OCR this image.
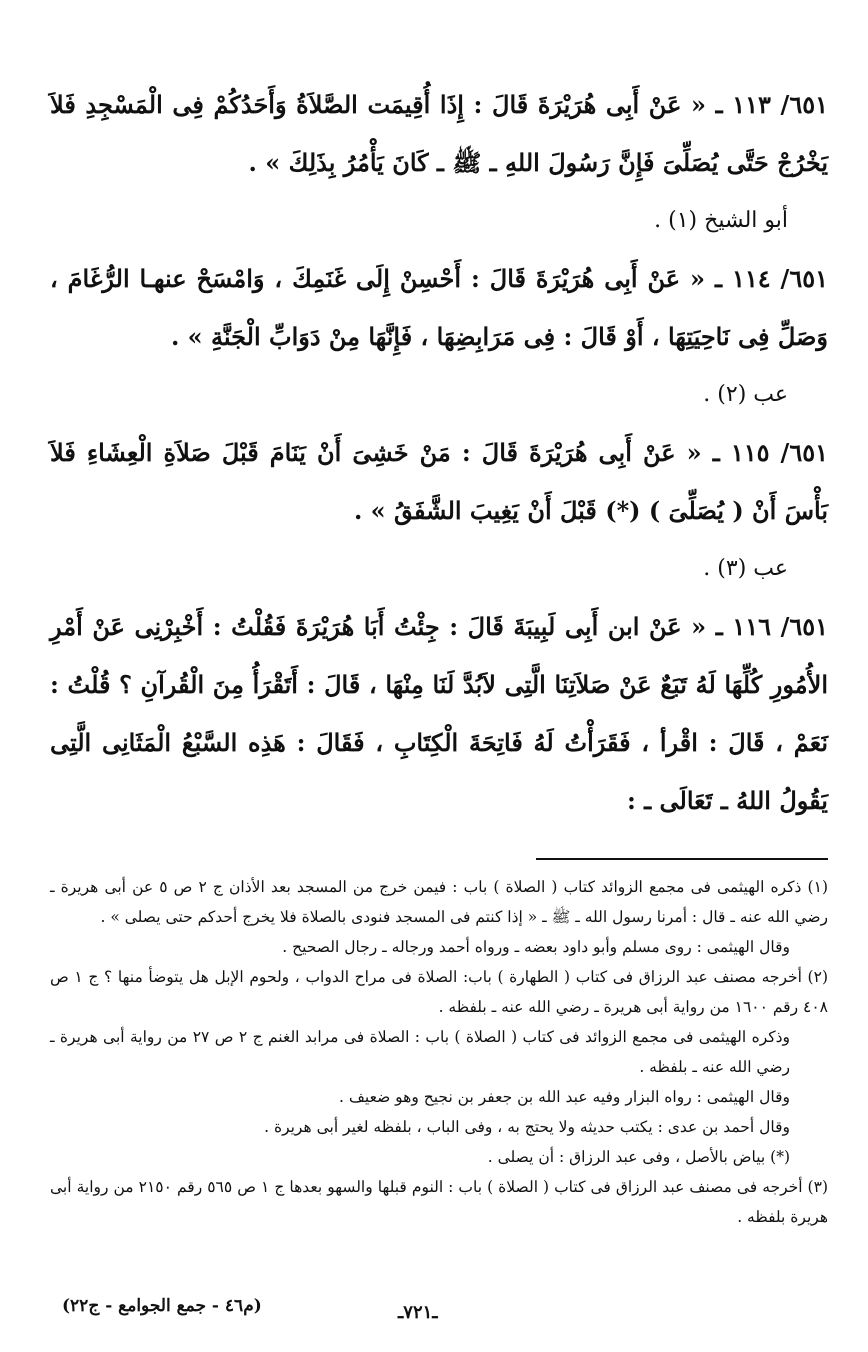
٦٥١/ ١١٣ ـ « عَنْ أَبِى هُرَيْرَةَ قَالَ : إِذَا أُقِيمَت الصَّلاَةُ وَأَحَدُكُمْ فِى الْمَسْجِدِ فَلاَ يَخْرُجْ حَتَّى يُصَلِّىَ فَإِنَّ رَسُولَ اللهِ ـ ﷺ ـ كَانَ يَأْمُرُ بِذَلِكَ » .

أبو الشيخ (١) .

٦٥١/ ١١٤ ـ « عَنْ أَبِى هُرَيْرَةَ قَالَ : أَحْسِنْ إِلَى غَنَمِكَ ، وَامْسَحْ عنهـا الرُّغَامَ ، وَصَلِّ فِى نَاحِيَتِهَا ، أَوْ قَالَ : فِى مَرَابِضِهَا ، فَإِنَّهَا مِنْ دَوَابِّ الْجَنَّةِ » .

عب (٢) .

٦٥١/ ١١٥ ـ « عَنْ أَبِى هُرَيْرَةَ قَالَ : مَنْ خَشِىَ أَنْ يَنَامَ قَبْلَ صَلاَةِ الْعِشَاءِ فَلاَ بَأْسَ أَنْ ( يُصَلِّىَ ) (*) قَبْلَ أَنْ يَغِيبَ الشَّفَقُ » .

عب (٣) .

٦٥١/ ١١٦ ـ « عَنْ ابن أَبِى لَبِيبَةَ قَالَ : جِئْتُ أَبَا هُرَيْرَةَ فَقُلْتُ : أَخْبِرْنِى عَنْ أَمْرِ الأُمُورِ كُلِّهَا لَهُ تَبَعٌ عَنْ صَلاَتِنَا الَّتِى لاَبُدَّ لَنَا مِنْهَا ، قَالَ : أَتَقْرَأُ مِنَ الْقُرآنِ ؟ قُلْتُ : نَعَمْ ، قَالَ : اقْرأ ، فَقَرَأْتُ لَهُ فَاتِحَةَ الْكِتَابِ ، فَقَالَ : هَذِه السَّبْعُ الْمَثَانِى الَّتِى يَقُولُ اللهُ ـ تَعَالَى ـ :

(١) ذكره الهيثمى فى مجمع الزوائد كتاب ( الصلاة ) باب : فيمن خرج من المسجد بعد الأذان ج ٢ ص ٥ عن أبى هريرة ـ رضي الله عنه ـ قال : أمرنا رسول الله ـ ﷺ ـ « إذا كنتم فى المسجد فنودى بالصلاة فلا يخرج أحدكم حتى يصلى » .

وقال الهيثمى : روى مسلم وأبو داود بعضه ـ ورواه أحمد ورجاله ـ رجال الصحيح .

(٢) أخرجه مصنف عبد الرزاق فى كتاب ( الطهارة ) باب: الصلاة فى مراح الدواب ، ولحوم الإبل هل يتوضأ منها ؟ ج ١ ص ٤٠٨ رقم ١٦٠٠ من رواية أبى هريرة ـ رضي الله عنه ـ بلفظه .

وذكره الهيثمى فى مجمع الزوائد فى كتاب ( الصلاة ) باب : الصلاة فى مرابد الغنم ج ٢ ص ٢٧ من رواية أبى هريرة ـ رضي الله عنه ـ بلفظه .

وقال الهيثمى : رواه البزار وفيه عبد الله بن جعفر بن نجيح وهو ضعيف .

وقال أحمد بن عدى : يكتب حديثه ولا يحتج به ، وفى الباب ، بلفظه لغير أبى هريرة .

(*) بياض بالأصل ، وفى عبد الرزاق : أن يصلى .

(٣) أخرجه فى مصنف عبد الرزاق فى كتاب ( الصلاة ) باب : النوم قبلها والسهو بعدها ج ١ ص ٥٦٥ رقم ٢١٥٠ من رواية أبى هريرة بلفظه .

(م٤٦ - جمع الجوامع - ج٢٢)	ـ٧٢١ـ
